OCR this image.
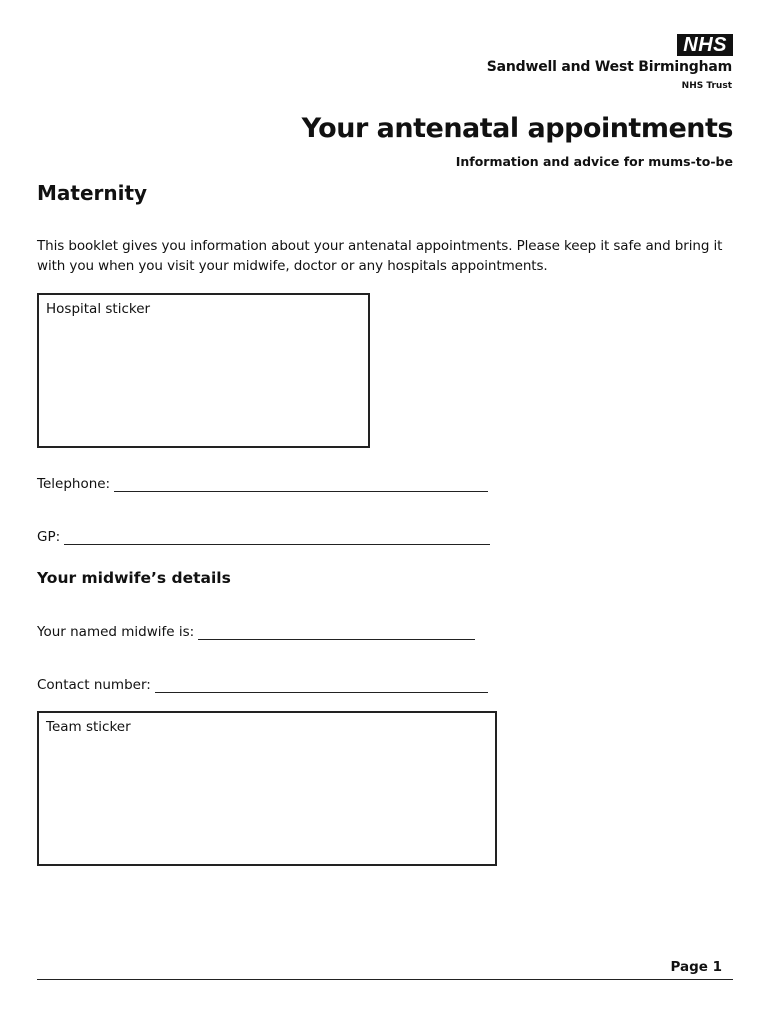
NHS
Sandwell and West Birmingham
NHS Trust
Your antenatal appointments
Information and advice for mums-to-be
Maternity
This booklet gives you information about your antenatal appointments. Please keep it safe and bring it with you when you visit your midwife, doctor or any hospitals appointments.
Hospital sticker
Telephone:
GP:
Your midwife’s details
Your named midwife is:
Contact number:
Team sticker
Page 1
